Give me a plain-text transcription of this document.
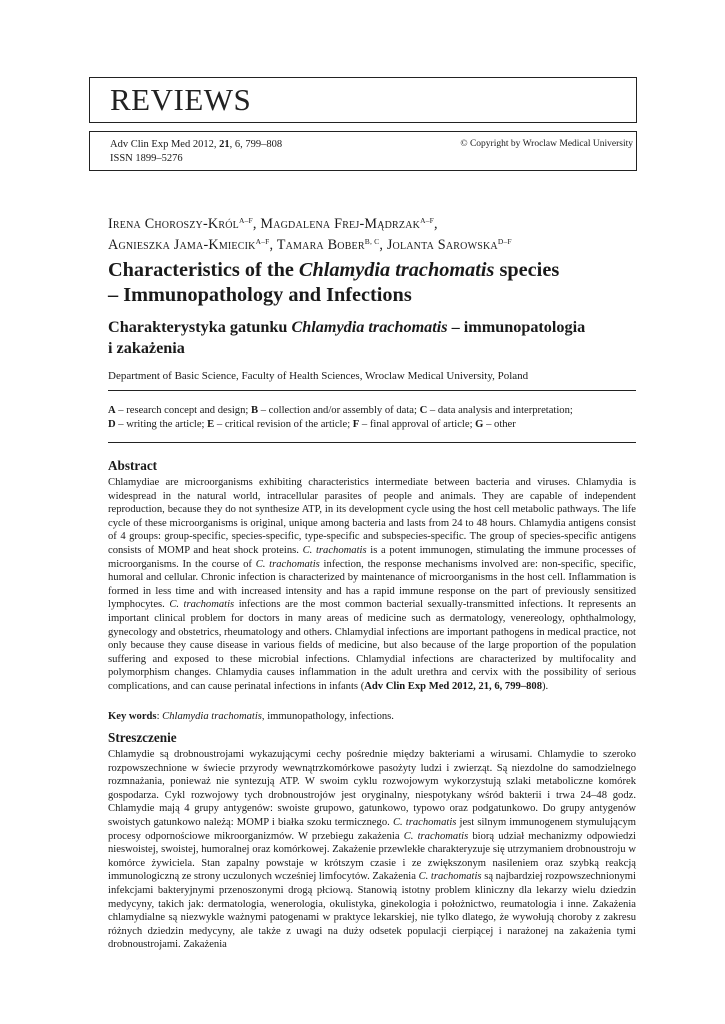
REVIEWS
Adv Clin Exp Med 2012, 21, 6, 799–808
ISSN 1899–5276
© Copyright by Wroclaw Medical University
Irena Choroszy-Król$^{A-F}$, Magdalena Frej-Mądrzak$^{A-F}$,
Agnieszka Jama-Kmiecik$^{A-F}$, Tamara Bober$^{B, C}$, Jolanta Sarowska$^{D-F}$
Characteristics of the Chlamydia trachomatis species
– Immunopathology and Infections
Charakterystyka gatunku Chlamydia trachomatis – immunopatologia
i zakażenia
Department of Basic Science, Faculty of Health Sciences, Wroclaw Medical University, Poland
A – research concept and design; B – collection and/or assembly of data; C – data analysis and interpretation;
D – writing the article; E – critical revision of the article; F – final approval of article; G – other
Abstract

Chlamydiae are microorganisms exhibiting characteristics intermediate between bacteria and viruses. Chlamydia is widespread in the natural world, intracellular parasites of people and animals. They are capable of independent reproduction, because they do not synthesize ATP, in its development cycle using the host cell metabolic pathways. The life cycle of these microorganisms is original, unique among bacteria and lasts from 24 to 48 hours. Chlamydia antigens consist of 4 groups: group-specific, species-specific, type-specific and subspecies-specific. The group of species-specific antigens consists of MOMP and heat shock proteins. C. trachomatis is a potent immunogen, stimulating the immune processes of microorganisms. In the course of C. trachomatis infection, the response mechanisms involved are: non-specific, specific, humoral and cellular. Chronic infection is characterized by maintenance of microorganisms in the host cell. Inflammation is formed in less time and with increased intensity and has a rapid immune response on the part of previously sensitized lymphocytes. C. trachomatis infections are the most common bacterial sexually-transmitted infections. It represents an important clinical problem for doctors in many areas of medicine such as dermatology, venereology, ophthalmology, gynecology and obstetrics, rheumatology and others. Chlamydial infections are important pathogens in medical practice, not only because they cause disease in various fields of medicine, but also because of the large proportion of the population suffering and exposed to these microbial infections. Chlamydial infections are characterized by multifocality and polymorphism changes. Chlamydia causes inflammation in the adult urethra and cervix with the possibility of serious complications, and can cause perinatal infections in infants (Adv Clin Exp Med 2012, 21, 6, 799–808).

Key words: Chlamydia trachomatis, immunopathology, infections.
Streszczenie

Chlamydie są drobnoustrojami wykazującymi cechy pośrednie między bakteriami a wirusami. Chlamydie to szeroko rozpowszechnione w świecie przyrody wewnątrzkomórkowe pasożyty ludzi i zwierząt. Są niezdolne do samodzielnego rozmnażania, ponieważ nie syntezują ATP. W swoim cyklu rozwojowym wykorzystują szlaki metaboliczne komórek gospodarza. Cykl rozwojowy tych drobnoustrojów jest oryginalny, niespotykany wśród bakterii i trwa 24–48 godz. Chlamydie mają 4 grupy antygenów: swoiste grupowo, gatunkowo, typowo oraz podgatunkowo. Do grupy antygenów swoistych gatunkowo należą: MOMP i białka szoku termicznego. C. trachomatis jest silnym immunogenem stymulującym procesy odpornościowe mikroorganizmów. W przebiegu zakażenia C. trachomatis biorą udział mechanizmy odpowiedzi nieswoistej, swoistej, humoralnej oraz komórkowej. Zakażenie przewlekłe charakteryzuje się utrzymaniem drobnoustroju w komórce żywiciela. Stan zapalny powstaje w krótszym czasie i ze zwiększonym nasileniem oraz szybką reakcją immunologiczną ze strony uczulonych wcześniej limfocytów. Zakażenia C. trachomatis są najbardziej rozpowszechnionymi infekcjami bakteryjnymi przenoszonymi drogą płciową. Stanowią istotny problem kliniczny dla lekarzy wielu dziedzin medycyny, takich jak: dermatologia, wenerologia, okulistyka, ginekologia i położnictwo, reumatologia i inne. Zakażenia chlamydialne są niezwykle ważnymi patogenami w praktyce lekarskiej, nie tylko dlatego, że wywołują choroby z zakresu różnych dziedzin medycyny, ale także z uwagi na duży odsetek populacji cierpiącej i narażonej na zakażenia tymi drobnoustrojami. Zakażenia
